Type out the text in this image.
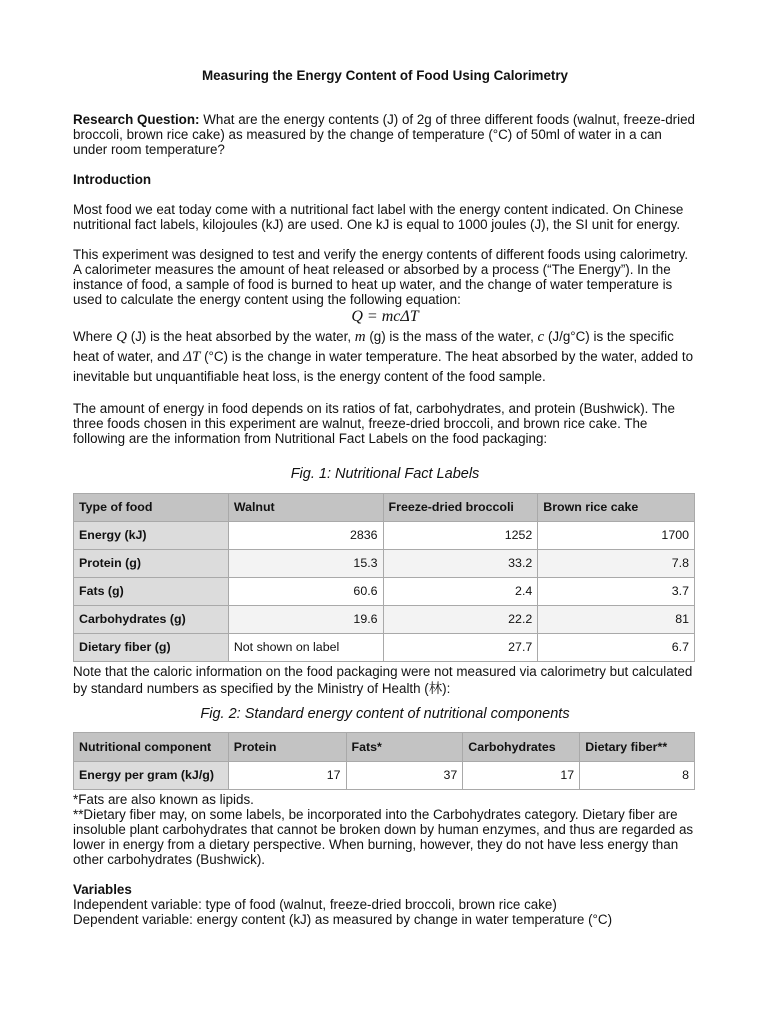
Measuring the Energy Content of Food Using Calorimetry

Research Question: What are the energy contents (J) of 2g of three different foods (walnut, freeze-dried broccoli, brown rice cake) as measured by the change of temperature (°C) of 50ml of water in a can under room temperature?

Introduction

Most food we eat today come with a nutritional fact label with the energy content indicated. On Chinese nutritional fact labels, kilojoules (kJ) are used. One kJ is equal to 1000 joules (J), the SI unit for energy.

This experiment was designed to test and verify the energy contents of different foods using calorimetry. A calorimeter measures the amount of heat released or absorbed by a process (“The Energy”). In the instance of food, a sample of food is burned to heat up water, and the change of water temperature is used to calculate the energy content using the following equation:

Q = mcΔT

Where Q (J) is the heat absorbed by the water, m (g) is the mass of the water, c (J/g°C) is the specific heat of water, and ΔT (°C) is the change in water temperature. The heat absorbed by the water, added to inevitable but unquantifiable heat loss, is the energy content of the food sample.

The amount of energy in food depends on its ratios of fat, carbohydrates, and protein (Bushwick). The three foods chosen in this experiment are walnut, freeze-dried broccoli, and brown rice cake. The following are the information from Nutritional Fact Labels on the food packaging:

Fig. 1: Nutritional Fact Labels

Type of food	Walnut	Freeze-dried broccoli	Brown rice cake
Energy (kJ)	2836	1252	1700
Protein (g)	15.3	33.2	7.8
Fats (g)	60.6	2.4	3.7
Carbohydrates (g)	19.6	22.2	81
Dietary fiber (g)	Not shown on label	27.7	6.7

Note that the caloric information on the food packaging were not measured via calorimetry but calculated by standard numbers as specified by the Ministry of Health (林):

Fig. 2: Standard energy content of nutritional components

Nutritional component	Protein	Fats*	Carbohydrates	Dietary fiber**
Energy per gram (kJ/g)	17	37	17	8

*Fats are also known as lipids.

**Dietary fiber may, on some labels, be incorporated into the Carbohydrates category. Dietary fiber are insoluble plant carbohydrates that cannot be broken down by human enzymes, and thus are regarded as lower in energy from a dietary perspective. When burning, however, they do not have less energy than other carbohydrates (Bushwick).

Variables

Independent variable: type of food (walnut, freeze-dried broccoli, brown rice cake)

Dependent variable: energy content (kJ) as measured by change in water temperature (°C)
